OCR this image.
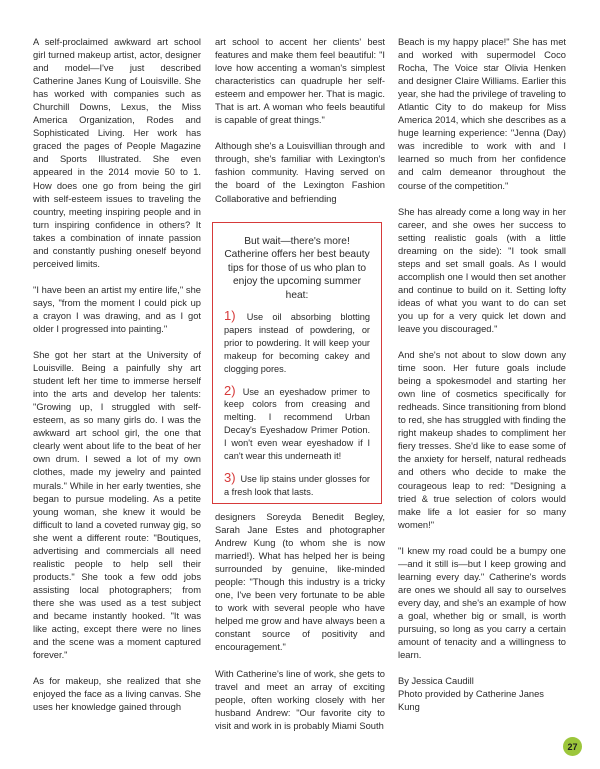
A self-proclaimed awkward art school girl turned makeup artist, actor, designer and model—I've just described Catherine Janes Kung of Louisville. She has worked with companies such as Churchill Downs, Lexus, the Miss America Organization, Rodes and Sophisticated Living. Her work has graced the pages of People Magazine and Sports Illustrated. She even appeared in the 2014 movie 50 to 1. How does one go from being the girl with self-esteem issues to traveling the country, meeting inspiring people and in turn inspiring confidence in others? It takes a combination of innate passion and constantly pushing oneself beyond perceived limits.

"I have been an artist my entire life," she says, "from the moment I could pick up a crayon I was drawing, and as I got older I progressed into painting."

She got her start at the University of Louisville. Being a painfully shy art student left her time to immerse herself into the arts and develop her talents: "Growing up, I struggled with self-esteem, as so many girls do. I was the awkward art school girl, the one that clearly went about life to the beat of her own drum. I sewed a lot of my own clothes, made my jewelry and painted murals." While in her early twenties, she began to pursue modeling. As a petite young woman, she knew it would be difficult to land a coveted runway gig, so she went a different route: "Boutiques, advertising and commercials all need realistic people to help sell their products." She took a few odd jobs assisting local photographers; from there she was used as a test subject and became instantly hooked. "It was like acting, except there were no lines and the scene was a moment captured forever."

As for makeup, she realized that she enjoyed the face as a living canvas. She uses her knowledge gained through

art school to accent her clients' best features and make them feel beautiful: "I love how accenting a woman's simplest characteristics can quadruple her self-esteem and empower her. That is magic. That is art. A woman who feels beautiful is capable of great things."

Although she's a Louisvillian through and through, she's familiar with Lexington's fashion community. Having served on the board of the Lexington Fashion Collaborative and befriending

But wait—there's more! Catherine offers her best beauty tips for those of us who plan to enjoy the upcoming summer heat:

1) Use oil absorbing blotting papers instead of powdering, or prior to powdering. It will keep your makeup for becoming cakey and clogging pores.

2) Use an eyeshadow primer to keep colors from creasing and melting. I recommend Urban Decay's Eyeshadow Primer Potion. I won't even wear eyeshadow if I can't wear this underneath it!

3) Use lip stains under glosses for a fresh look that lasts.

designers Soreyda Benedit Begley, Sarah Jane Estes and photographer Andrew Kung (to whom she is now married!). What has helped her is being surrounded by genuine, like-minded people: "Though this industry is a tricky one, I've been very fortunate to be able to work with several people who have helped me grow and have always been a constant source of positivity and encouragement."

With Catherine's line of work, she gets to travel and meet an array of exciting people, often working closely with her husband Andrew: "Our favorite city to visit and work in is probably Miami South

Beach is my happy place!" She has met and worked with supermodel Coco Rocha, The Voice star Olivia Henken and designer Claire Williams. Earlier this year, she had the privilege of traveling to Atlantic City to do makeup for Miss America 2014, which she describes as a huge learning experience: "Jenna (Day) was incredible to work with and I learned so much from her confidence and calm demeanor throughout the course of the competition."

She has already come a long way in her career, and she owes her success to setting realistic goals (with a little dreaming on the side): "I took small steps and set small goals. As I would accomplish one I would then set another and continue to build on it. Setting lofty ideas of what you want to do can set you up for a very quick let down and leave you discouraged."

And she's not about to slow down any time soon. Her future goals include being a spokesmodel and starting her own line of cosmetics specifically for redheads. Since transitioning from blond to red, she has struggled with finding the right makeup shades to compliment her fiery tresses. She'd like to ease some of the anxiety for herself, natural redheads and others who decide to make the courageous leap to red: "Designing a tried & true selection of colors would make life a lot easier for so many women!"

"I knew my road could be a bumpy one—and it still is—but I keep growing and learning every day." Catherine's words are ones we should all say to ourselves every day, and she's an example of how a goal, whether big or small, is worth pursuing, so long as you carry a certain amount of tenacity and a willingness to learn.

By Jessica Caudill

Photo provided by Catherine Janes Kung

27
